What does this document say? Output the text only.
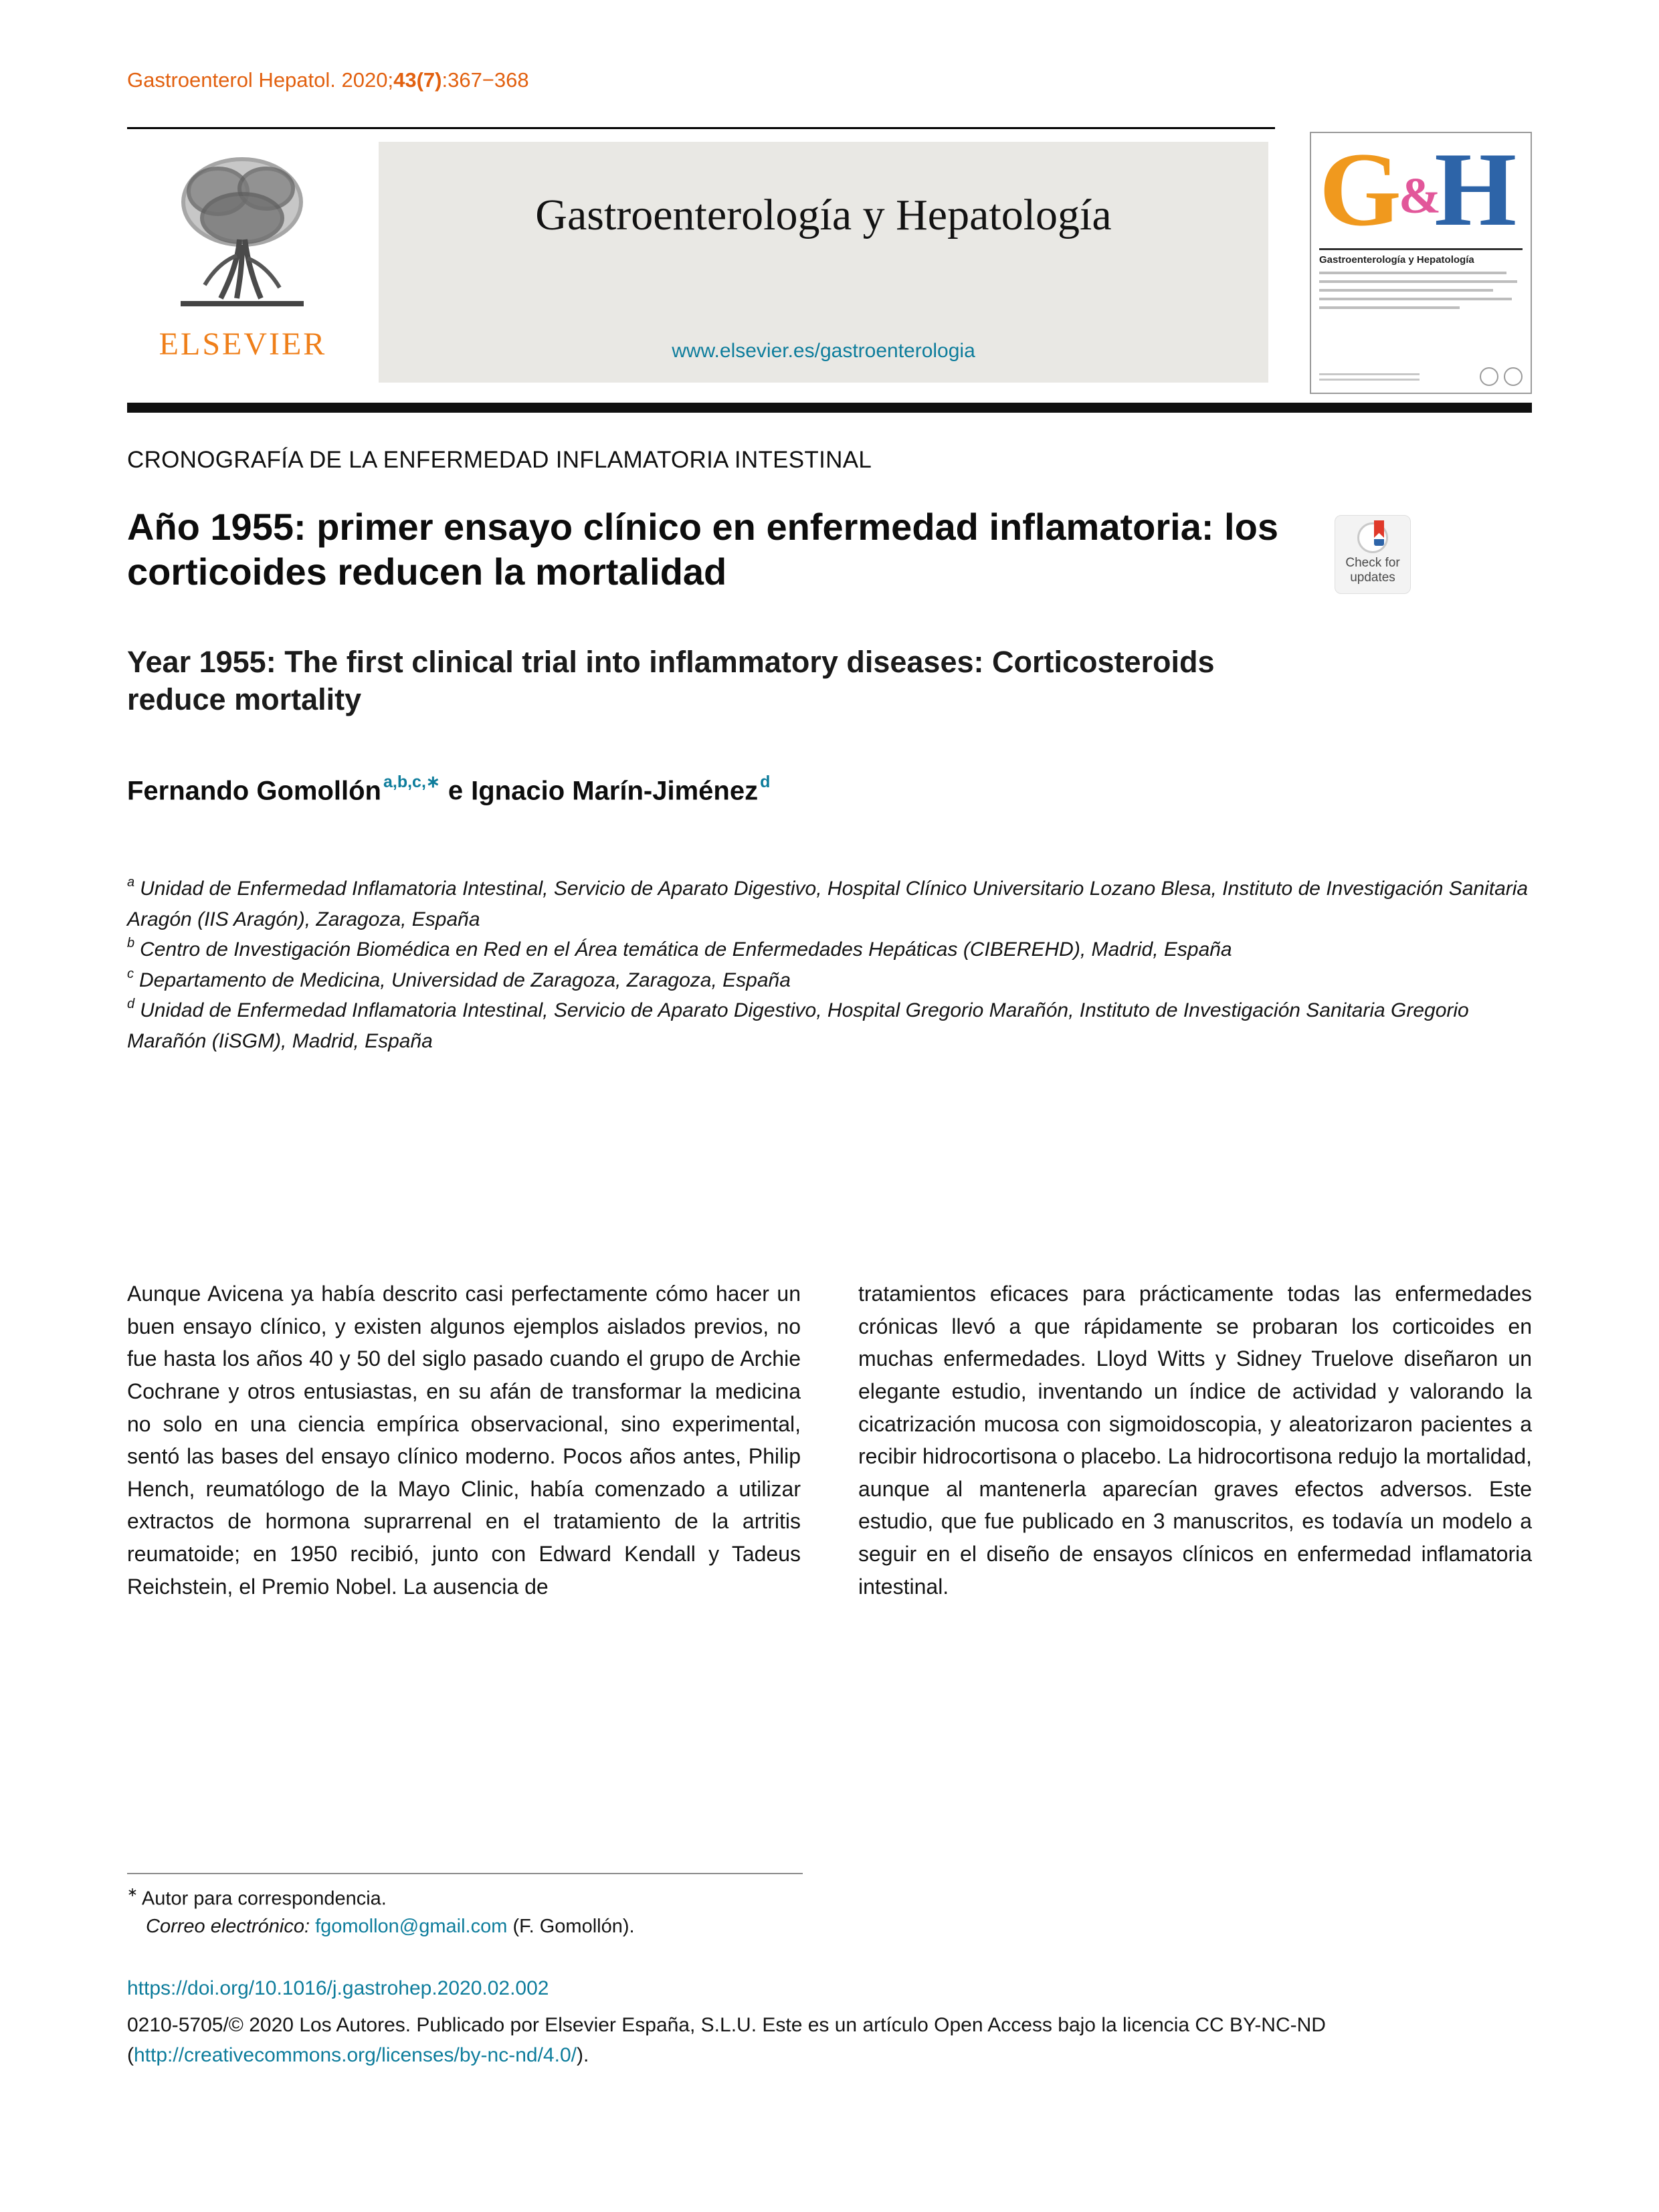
Gastroenterol Hepatol. 2020;43(7):367−368
ELSEVIER
Gastroenterología y Hepatología
www.elsevier.es/gastroenterologia
G
&
H
Gastroenterología y Hepatología
CRONOGRAFÍA DE LA ENFERMEDAD INFLAMATORIA INTESTINAL
Año 1955: primer ensayo clínico en enfermedad inflamatoria: los corticoides reducen la mortalidad	Check for
updates
Year 1955: The first clinical trial into inflammatory diseases: Corticosteroids reduce mortality
Fernando Gomollón $^{a,b,c,∗}$ e Ignacio Marín-Jiménez $^d$
$^a$ Unidad de Enfermedad Inflamatoria Intestinal, Servicio de Aparato Digestivo, Hospital Clínico Universitario Lozano Blesa, Instituto de Investigación Sanitaria Aragón (IIS Aragón), Zaragoza, España
$^b$ Centro de Investigación Biomédica en Red en el Área temática de Enfermedades Hepáticas (CIBEREHD), Madrid, España
$^c$ Departamento de Medicina, Universidad de Zaragoza, Zaragoza, España
$^d$ Unidad de Enfermedad Inflamatoria Intestinal, Servicio de Aparato Digestivo, Hospital Gregorio Marañón, Instituto de Investigación Sanitaria Gregorio Marañón (IiSGM), Madrid, España
Aunque Avicena ya había descrito casi perfectamente cómo hacer un buen ensayo clínico, y existen algunos ejemplos aislados previos, no fue hasta los años 40 y 50 del siglo pasado cuando el grupo de Archie Cochrane y otros entusiastas, en su afán de transformar la medicina no solo en una ciencia empírica observacional, sino experimental, sentó las bases del ensayo clínico moderno. Pocos años antes, Philip Hench, reumatólogo de la Mayo Clinic, había comenzado a utilizar extractos de hormona suprarrenal en el tratamiento de la artritis reumatoide; en 1950 recibió, junto con Edward Kendall y Tadeus Reichstein, el Premio Nobel. La ausencia de
tratamientos eficaces para prácticamente todas las enfermedades crónicas llevó a que rápidamente se probaran los corticoides en muchas enfermedades. Lloyd Witts y Sidney Truelove diseñaron un elegante estudio, inventando un índice de actividad y valorando la cicatrización mucosa con sigmoidoscopia, y aleatorizaron pacientes a recibir hidrocortisona o placebo. La hidrocortisona redujo la mortalidad, aunque al mantenerla aparecían graves efectos adversos. Este estudio, que fue publicado en 3 manuscritos, es todavía un modelo a seguir en el diseño de ensayos clínicos en enfermedad inflamatoria intestinal.
∗ Autor para correspondencia.
Correo electrónico: fgomollon@gmail.com (F. Gomollón).
https://doi.org/10.1016/j.gastrohep.2020.02.002
0210-5705/© 2020 Los Autores. Publicado por Elsevier España, S.L.U. Este es un artículo Open Access bajo la licencia CC BY-NC-ND (http://creativecommons.org/licenses/by-nc-nd/4.0/).
